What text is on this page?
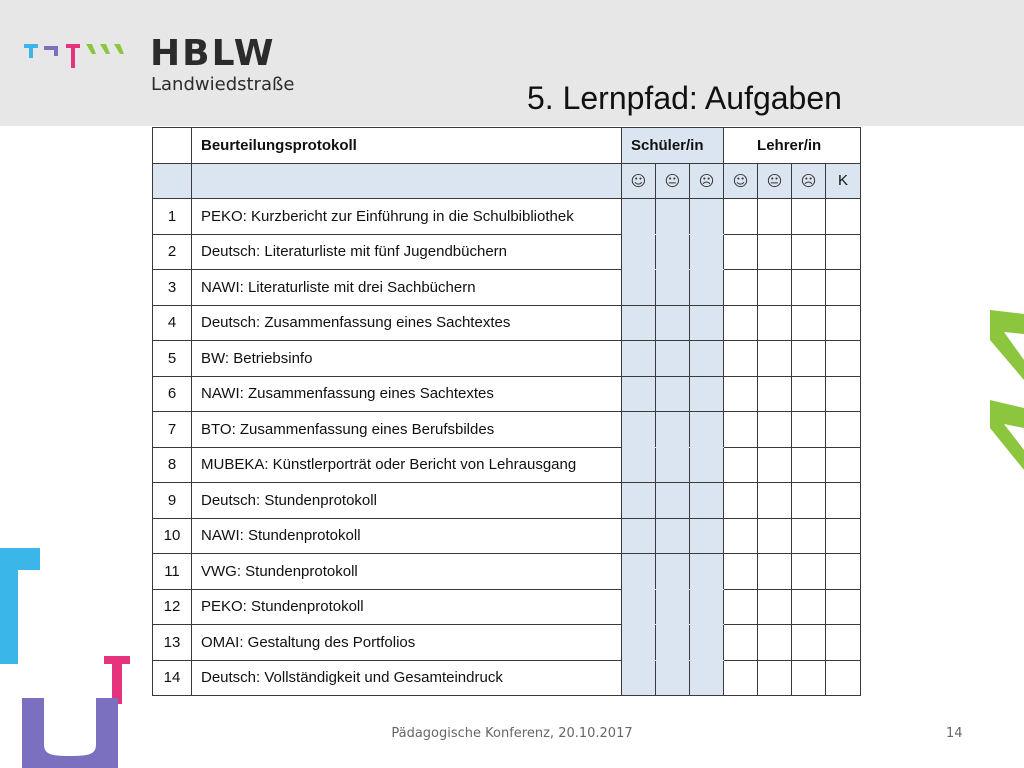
HBLW
Landwiedstraße	5. Lernpfad: Aufgaben
	Beurteilungsprotokoll	Schüler/in			Lehrer/in			
		☺	😐	☹	☺	😐	☹	K
1	PEKO: Kurzbericht zur Einführung in die Schulbibliothek							
2	Deutsch: Literaturliste mit fünf Jugendbüchern							
3	NAWI: Literaturliste mit drei Sachbüchern							
4	Deutsch: Zusammenfassung eines Sachtextes							
5	BW: Betriebsinfo							
6	NAWI: Zusammenfassung eines Sachtextes							
7	BTO: Zusammenfassung eines Berufsbildes							
8	MUBEKA: Künstlerporträt oder Bericht von Lehrausgang							
9	Deutsch: Stundenprotokoll							
10	NAWI: Stundenprotokoll							
11	VWG: Stundenprotokoll							
12	PEKO: Stundenprotokoll							
13	OMAI: Gestaltung des Portfolios							
14	Deutsch: Vollständigkeit und Gesamteindruck							
Pädagogische Konferenz, 20.10.2017	14
